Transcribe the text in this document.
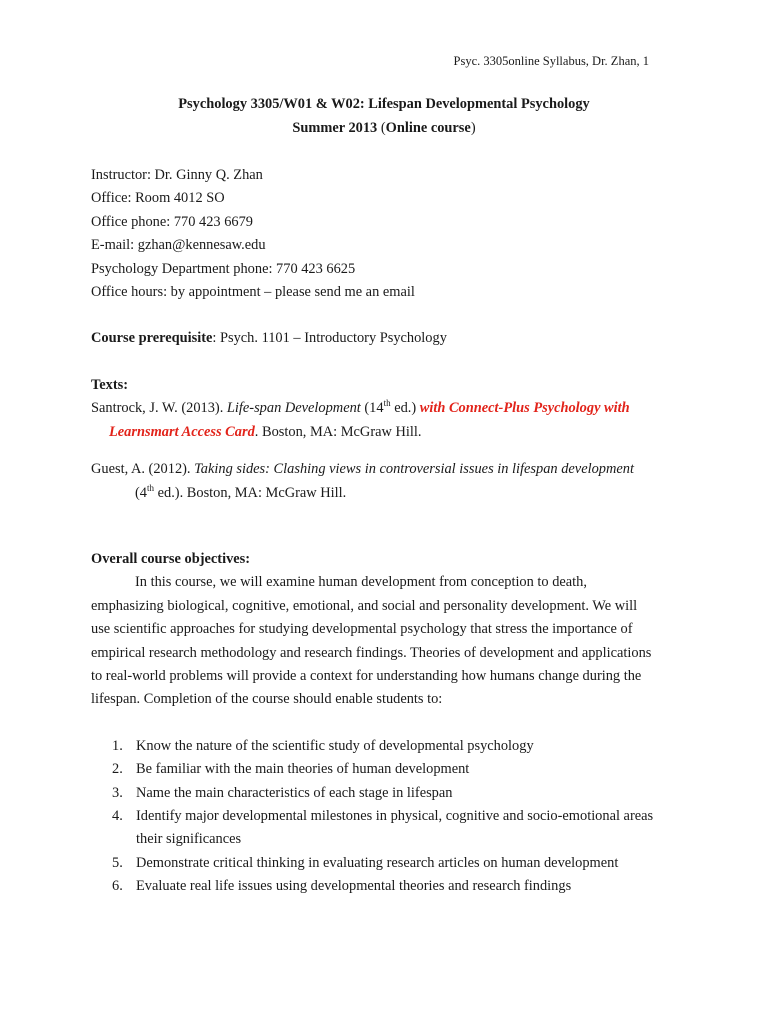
Psyc. 3305online Syllabus, Dr. Zhan, 1
Psychology 3305/W01 & W02: Lifespan Developmental Psychology
Summer 2013 (Online course)
Instructor: Dr. Ginny Q. Zhan
Office: Room 4012 SO
Office phone: 770 423 6679
E-mail: gzhan@kennesaw.edu
Psychology Department phone: 770 423 6625
Office hours: by appointment – please send me an email
Course prerequisite: Psych. 1101 – Introductory Psychology
Texts:
Santrock, J. W. (2013). Life-span Development (14th ed.) with Connect-Plus Psychology with
Learnsmart Access Card. Boston, MA: McGraw Hill.
Guest, A. (2012). Taking sides: Clashing views in controversial issues in lifespan development
(4th ed.). Boston, MA: McGraw Hill.
Overall course objectives:
In this course, we will examine human development from conception to death,
emphasizing biological, cognitive, emotional, and social and personality development. We will
use scientific approaches for studying developmental psychology that stress the importance of
empirical research methodology and research findings. Theories of development and applications
to real-world problems will provide a context for understanding how humans change during the
lifespan. Completion of the course should enable students to:
1. Know the nature of the scientific study of developmental psychology
2. Be familiar with the main theories of human development
3. Name the main characteristics of each stage in lifespan
4. Identify major developmental milestones in physical, cognitive and socio-emotional areas
their significances
5. Demonstrate critical thinking in evaluating research articles on human development
6. Evaluate real life issues using developmental theories and research findings
